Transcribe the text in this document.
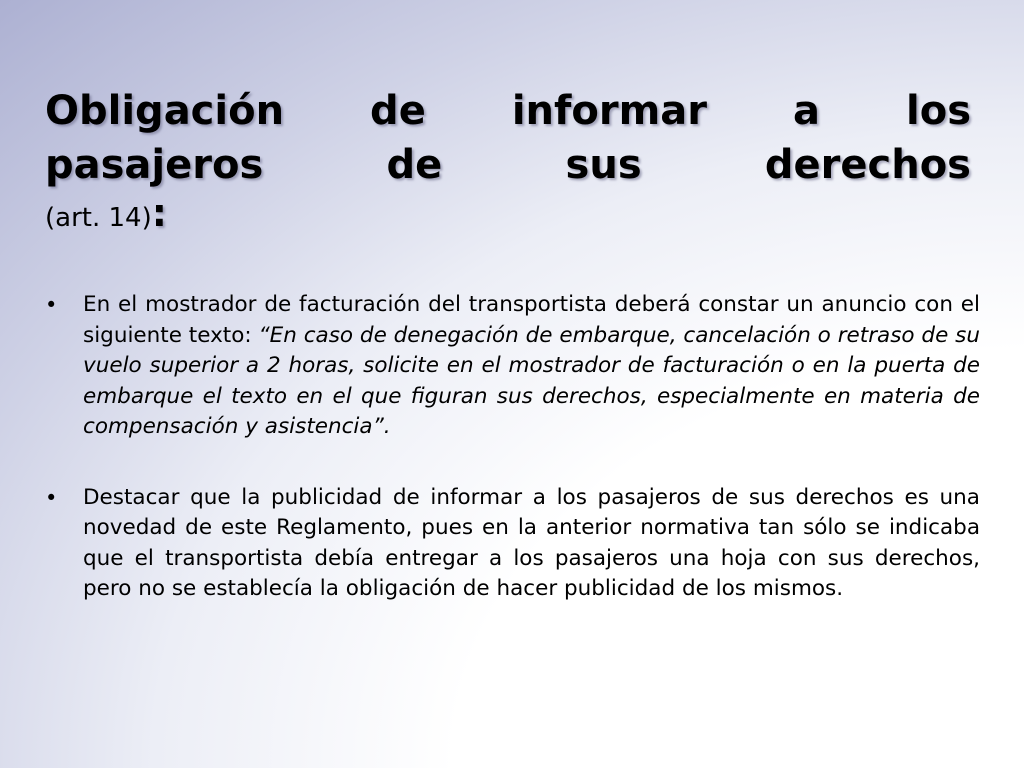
Obligación de informar a los
pasajeros de sus derechos
(art. 14):
• En el mostrador de facturación del transportista deberá constar un anuncio con el siguiente texto: “En caso de denegación de embarque, cancelación o retraso de su vuelo superior a 2 horas, solicite en el mostrador de facturación o en la puerta de embarque el texto en el que figuran sus derechos, especialmente en materia de compensación y asistencia”.
• Destacar que la publicidad de informar a los pasajeros de sus derechos es una novedad de este Reglamento, pues en la anterior normativa tan sólo se indicaba que el transportista debía entregar a los pasajeros una hoja con sus derechos, pero no se establecía la obligación de hacer publicidad de los mismos.
